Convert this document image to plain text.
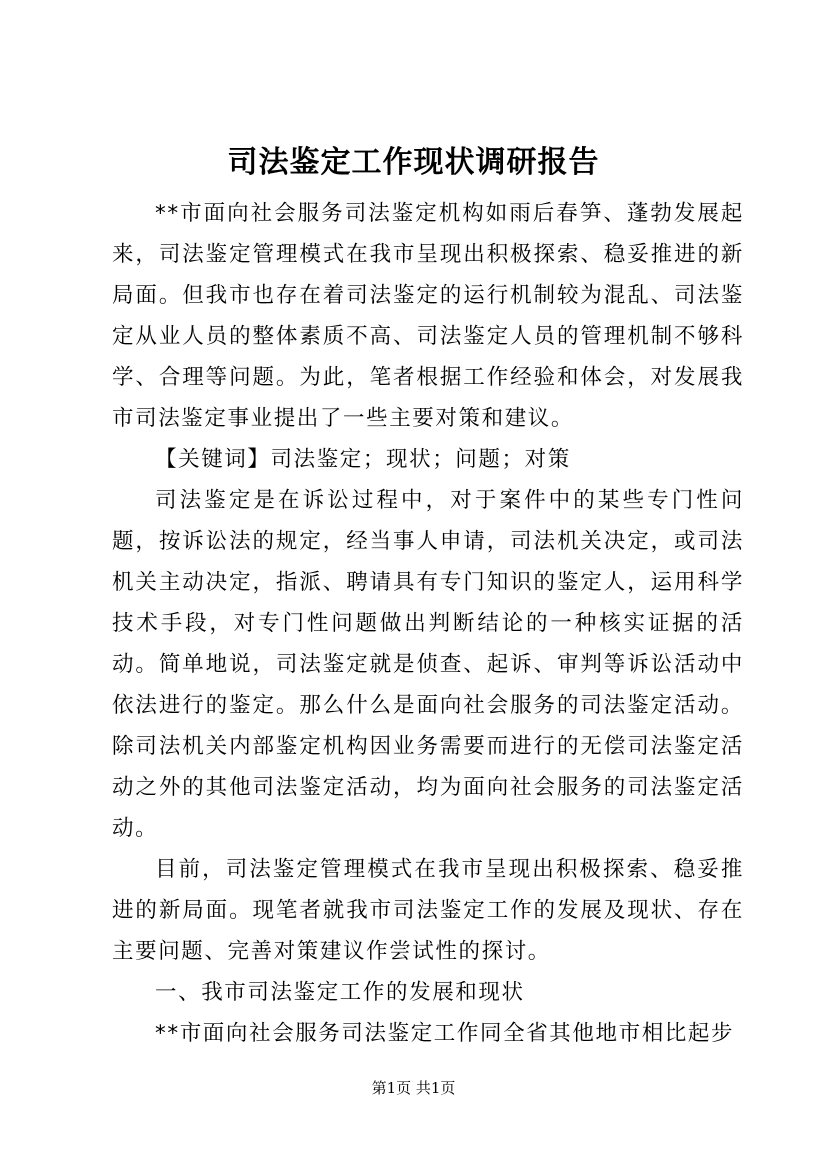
司法鉴定工作现状调研报告

**市面向社会服务司法鉴定机构如雨后春笋、蓬勃发展起来，司法鉴定管理模式在我市呈现出积极探索、稳妥推进的新局面。但我市也存在着司法鉴定的运行机制较为混乱、司法鉴定从业人员的整体素质不高、司法鉴定人员的管理机制不够科学、合理等问题。为此，笔者根据工作经验和体会，对发展我市司法鉴定事业提出了一些主要对策和建议。

【关键词】司法鉴定；现状；问题；对策

司法鉴定是在诉讼过程中，对于案件中的某些专门性问题，按诉讼法的规定，经当事人申请，司法机关决定，或司法机关主动决定，指派、聘请具有专门知识的鉴定人，运用科学技术手段，对专门性问题做出判断结论的一种核实证据的活动。简单地说，司法鉴定就是侦查、起诉、审判等诉讼活动中依法进行的鉴定。那么什么是面向社会服务的司法鉴定活动。除司法机关内部鉴定机构因业务需要而进行的无偿司法鉴定活动之外的其他司法鉴定活动，均为面向社会服务的司法鉴定活动。

目前，司法鉴定管理模式在我市呈现出积极探索、稳妥推进的新局面。现笔者就我市司法鉴定工作的发展及现状、存在主要问题、完善对策建议作尝试性的探讨。

一、我市司法鉴定工作的发展和现状

**市面向社会服务司法鉴定工作同全省其他地市相比起步

第1页 共1页
